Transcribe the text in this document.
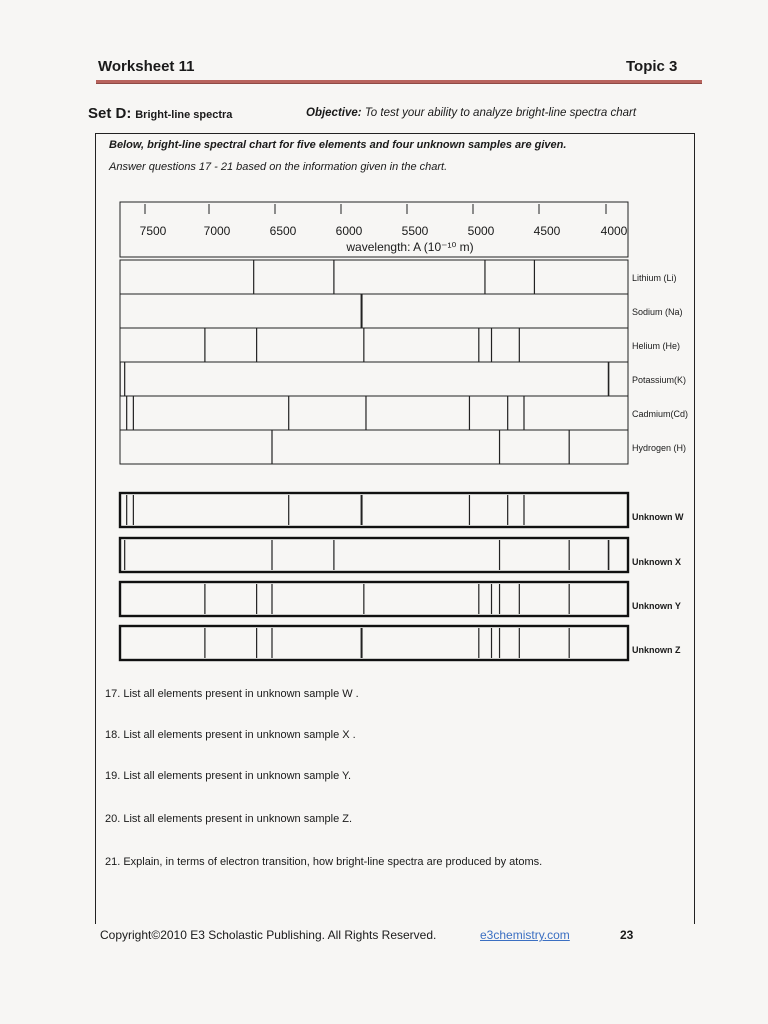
Worksheet 11	Topic 3
Set D: Bright-line spectra	Objective: To test your ability to analyze bright-line spectra chart
Below, bright-line spectral chart for five elements and four unknown samples are given.
Answer questions 17 - 21 based on the information given in the chart.
7500	7000	6500	6000	5500	5000	4500	4000
wavelength: A (10⁻¹⁰ m)
Lithium (Li)
Sodium (Na)
Helium (He)
Potassium(K)
Cadmium(Cd)
Hydrogen (H)
Unknown W
Unknown X
Unknown Y
Unknown Z
17. List all elements present in unknown sample W .
18. List all elements present in unknown sample X .
19. List all elements present in unknown sample Y.
20. List all elements present in unknown sample Z.
21. Explain, in terms of electron transition, how bright-line spectra are produced by atoms.
Copyright©2010 E3 Scholastic Publishing. All Rights Reserved.	e3chemistry.com	23
